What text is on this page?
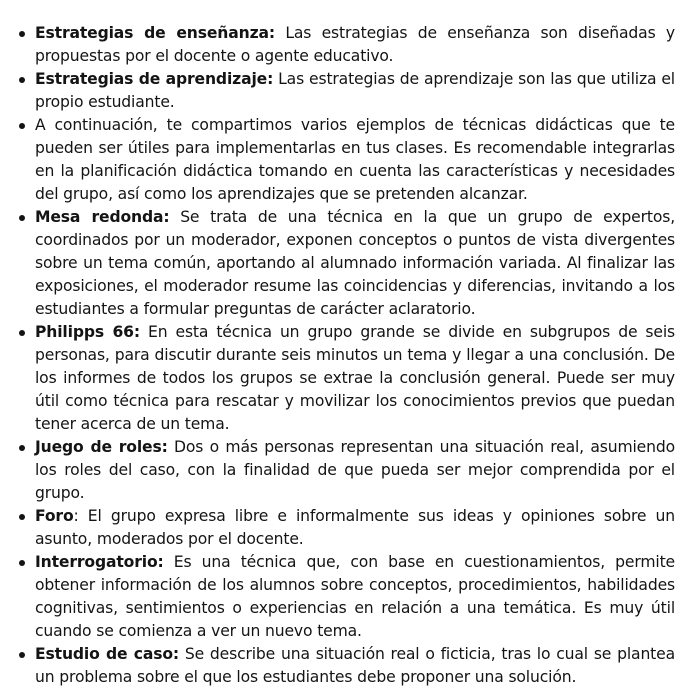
Estrategias de enseñanza: Las estrategias de enseñanza son diseñadas y propuestas por el docente o agente educativo.
Estrategias de aprendizaje: Las estrategias de aprendizaje son las que utiliza el propio estudiante.
A continuación, te compartimos varios ejemplos de técnicas didácticas que te pueden ser útiles para implementarlas en tus clases. Es recomendable integrarlas en la planificación didáctica tomando en cuenta las características y necesidades del grupo, así como los aprendizajes que se pretenden alcanzar.
Mesa redonda: Se trata de una técnica en la que un grupo de expertos, coordinados por un moderador, exponen conceptos o puntos de vista divergentes sobre un tema común, aportando al alumnado información variada. Al finalizar las exposiciones, el moderador resume las coincidencias y diferencias, invitando a los estudiantes a formular preguntas de carácter aclaratorio.
Philipps 66: En esta técnica un grupo grande se divide en subgrupos de seis personas, para discutir durante seis minutos un tema y llegar a una conclusión. De los informes de todos los grupos se extrae la conclusión general. Puede ser muy útil como técnica para rescatar y movilizar los conocimientos previos que puedan tener acerca de un tema.
Juego de roles: Dos o más personas representan una situación real, asumiendo los roles del caso, con la finalidad de que pueda ser mejor comprendida por el grupo.
Foro: El grupo expresa libre e informalmente sus ideas y opiniones sobre un asunto, moderados por el docente.
Interrogatorio: Es una técnica que, con base en cuestionamientos, permite obtener información de los alumnos sobre conceptos, procedimientos, habilidades cognitivas, sentimientos o experiencias en relación a una temática. Es muy útil cuando se comienza a ver un nuevo tema.
Estudio de caso: Se describe una situación real o ficticia, tras lo cual se plantea un problema sobre el que los estudiantes debe proponer una solución.
